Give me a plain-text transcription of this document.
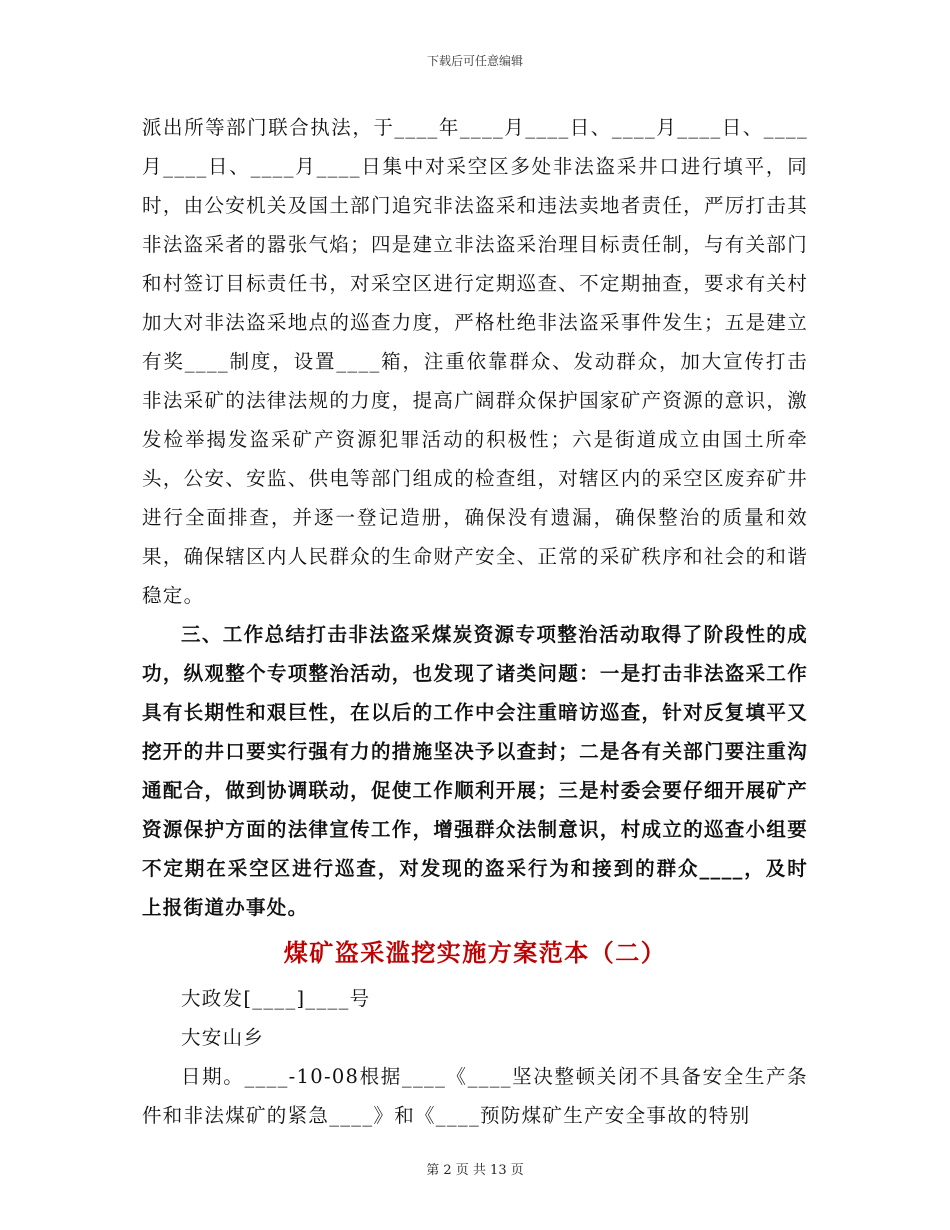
下载后可任意编辑

派出所等部门联合执法，于____年____月____日、____月____日、____月____日、____月____日集中对采空区多处非法盗采井口进行填平，同时，由公安机关及国土部门追究非法盗采和违法卖地者责任，严厉打击其非法盗采者的嚣张气焰；四是建立非法盗采治理目标责任制，与有关部门和村签订目标责任书，对采空区进行定期巡查、不定期抽查，要求有关村加大对非法盗采地点的巡查力度，严格杜绝非法盗采事件发生；五是建立有奖____制度，设置____箱，注重依靠群众、发动群众，加大宣传打击非法采矿的法律法规的力度，提高广阔群众保护国家矿产资源的意识，激发检举揭发盗采矿产资源犯罪活动的积极性；六是街道成立由国土所牵头，公安、安监、供电等部门组成的检查组，对辖区内的采空区废弃矿井进行全面排查，并逐一登记造册，确保没有遗漏，确保整治的质量和效果，确保辖区内人民群众的生命财产安全、正常的采矿秩序和社会的和谐稳定。

三、工作总结打击非法盗采煤炭资源专项整治活动取得了阶段性的成功，纵观整个专项整治活动，也发现了诸类问题：一是打击非法盗采工作具有长期性和艰巨性，在以后的工作中会注重暗访巡查，针对反复填平又挖开的井口要实行强有力的措施坚决予以查封；二是各有关部门要注重沟通配合，做到协调联动，促使工作顺利开展；三是村委会要仔细开展矿产资源保护方面的法律宣传工作，增强群众法制意识，村成立的巡查小组要不定期在采空区进行巡查，对发现的盗采行为和接到的群众____，及时上报街道办事处。

煤矿盗采滥挖实施方案范本（二）

大政发[____]____号

大安山乡

日期。____-10-08根据____《____坚决整顿关闭不具备安全生产条件和非法煤矿的紧急____》和《____预防煤矿生产安全事故的特别

第 2 页 共 13 页
